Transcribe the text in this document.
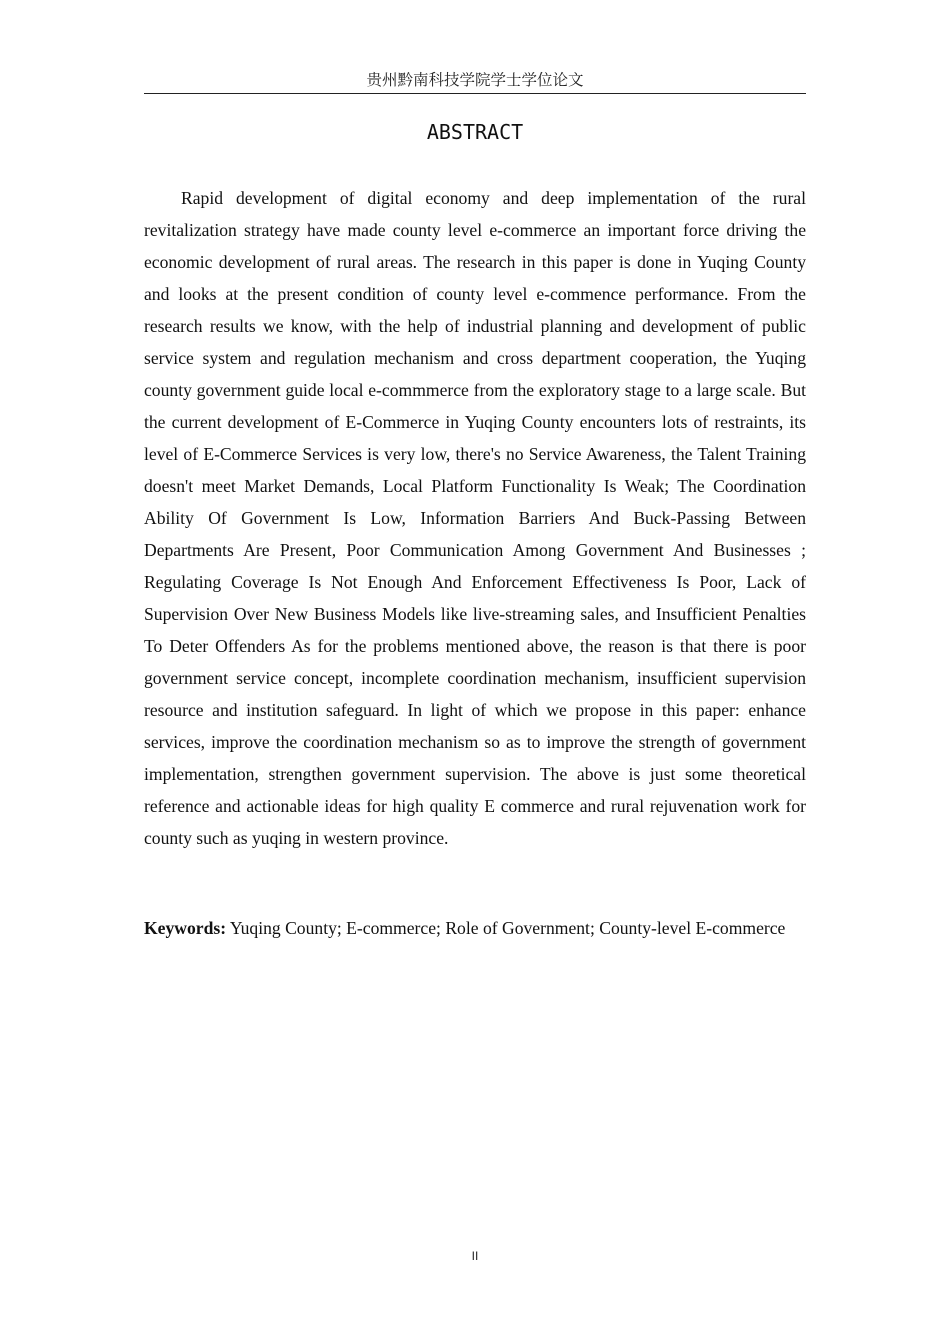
贵州黔南科技学院学士学位论文
ABSTRACT

Rapid development of digital economy and deep implementation of the rural revitalization strategy have made county level e-commerce an important force driving the economic development of rural areas. The research in this paper is done in Yuqing County and looks at the present condition of county level e-commence performance. From the research results we know, with the help of industrial planning and development of public service system and regulation mechanism and cross department cooperation, the Yuqing county government guide local e-commmerce from the exploratory stage to a large scale. But the current development of E-Commerce in Yuqing County encounters lots of restraints, its level of E-Commerce Services is very low, there's no Service Awareness, the Talent Training doesn't meet Market Demands, Local Platform Functionality Is Weak; The Coordination Ability Of Government Is Low, Information Barriers And Buck-Passing Between Departments Are Present, Poor Communication Among Government And Businesses ; Regulating Coverage Is Not Enough And Enforcement Effectiveness Is Poor, Lack of Supervision Over New Business Models like live-streaming sales, and Insufficient Penalties To Deter Offenders As for the problems mentioned above, the reason is that there is poor government service concept, incomplete coordination mechanism, insufficient supervision resource and institution safeguard. In light of which we propose in this paper: enhance services, improve the coordination mechanism so as to improve the strength of government implementation, strengthen government supervision. The above is just some theoretical reference and actionable ideas for high quality E commerce and rural rejuvenation work for county such as yuqing in western province.

Keywords: Yuqing County; E-commerce; Role of Government; County-level E-commerce

II
